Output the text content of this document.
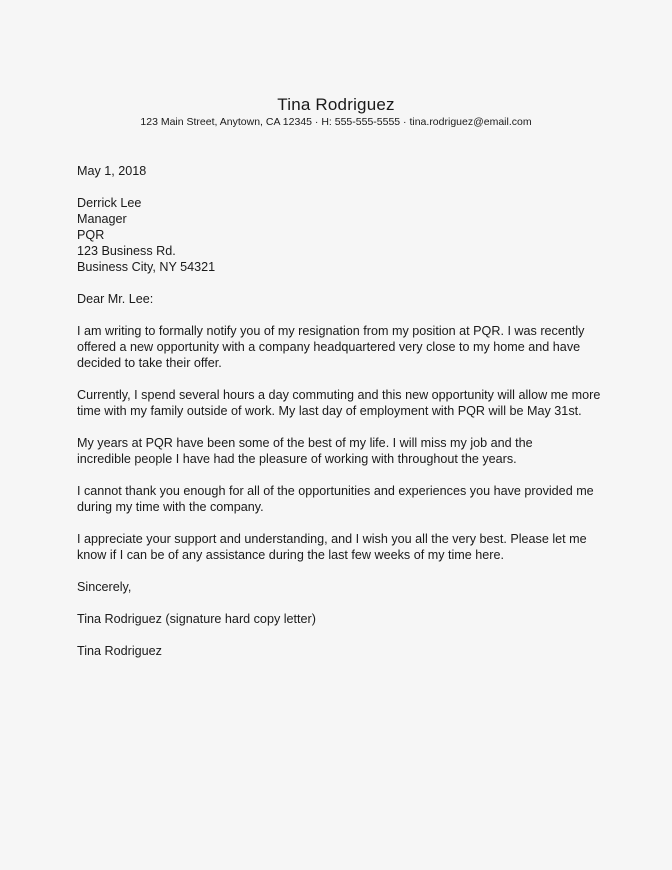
Tina Rodriguez
123 Main Street, Anytown, CA 12345 · H: 555-555-5555 · tina.rodriguez@email.com
May 1, 2018
Derrick Lee
Manager
PQR
123 Business Rd.
Business City, NY 54321

Dear Mr. Lee:

I am writing to formally notify you of my resignation from my position at PQR. I was recently
offered a new opportunity with a company headquartered very close to my home and have
decided to take their offer.

Currently, I spend several hours a day commuting and this new opportunity will allow me more
time with my family outside of work. My last day of employment with PQR will be May 31st.

My years at PQR have been some of the best of my life. I will miss my job and the
incredible people I have had the pleasure of working with throughout the years.

I cannot thank you enough for all of the opportunities and experiences you have provided me
during my time with the company.

I appreciate your support and understanding, and I wish you all the very best. Please let me
know if I can be of any assistance during the last few weeks of my time here.

Sincerely,

Tina Rodriguez (signature hard copy letter)

Tina Rodriguez
